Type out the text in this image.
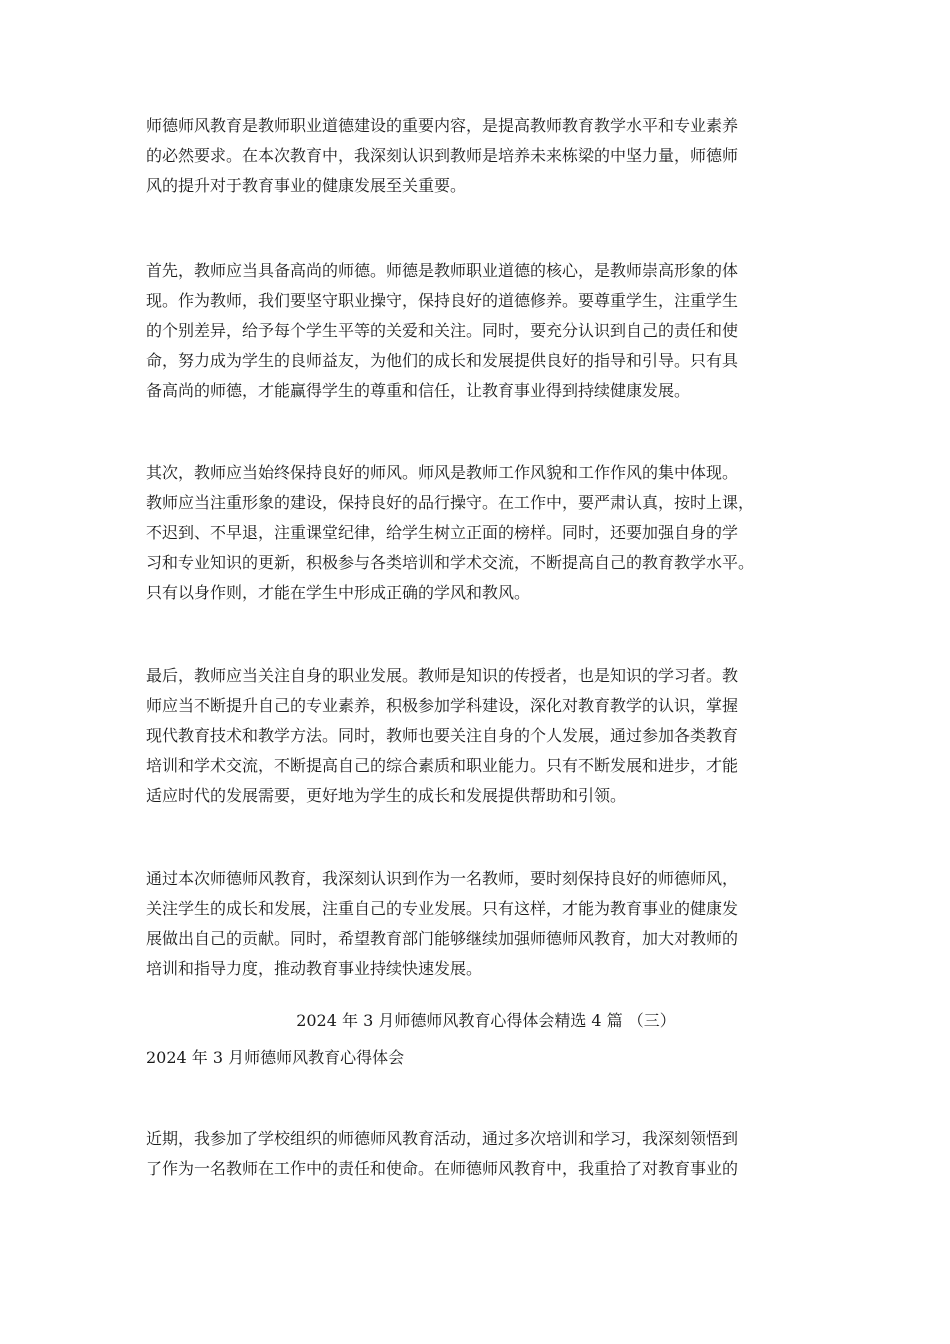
师德师风教育是教师职业道德建设的重要内容，是提高教师教育教学水平和专业素养
的必然要求。在本次教育中，我深刻认识到教师是培养未来栋梁的中坚力量，师德师
风的提升对于教育事业的健康发展至关重要。
首先，教师应当具备高尚的师德。师德是教师职业道德的核心，是教师崇高形象的体
现。作为教师，我们要坚守职业操守，保持良好的道德修养。要尊重学生，注重学生
的个别差异，给予每个学生平等的关爱和关注。同时，要充分认识到自己的责任和使
命，努力成为学生的良师益友，为他们的成长和发展提供良好的指导和引导。只有具
备高尚的师德，才能赢得学生的尊重和信任，让教育事业得到持续健康发展。
其次，教师应当始终保持良好的师风。师风是教师工作风貌和工作作风的集中体现。
教师应当注重形象的建设，保持良好的品行操守。在工作中，要严肃认真，按时上课，
不迟到、不早退，注重课堂纪律，给学生树立正面的榜样。同时，还要加强自身的学
习和专业知识的更新，积极参与各类培训和学术交流，不断提高自己的教育教学水平。
只有以身作则，才能在学生中形成正确的学风和教风。
最后，教师应当关注自身的职业发展。教师是知识的传授者，也是知识的学习者。教
师应当不断提升自己的专业素养，积极参加学科建设，深化对教育教学的认识，掌握
现代教育技术和教学方法。同时，教师也要关注自身的个人发展，通过参加各类教育
培训和学术交流，不断提高自己的综合素质和职业能力。只有不断发展和进步，才能
适应时代的发展需要，更好地为学生的成长和发展提供帮助和引领。
通过本次师德师风教育，我深刻认识到作为一名教师，要时刻保持良好的师德师风，
关注学生的成长和发展，注重自己的专业发展。只有这样，才能为教育事业的健康发
展做出自己的贡献。同时，希望教育部门能够继续加强师德师风教育，加大对教师的
培训和指导力度，推动教育事业持续快速发展。
2024 年 3 月师德师风教育心得体会精选 4 篇 （三）
2024 年 3 月师德师风教育心得体会
近期，我参加了学校组织的师德师风教育活动，通过多次培训和学习，我深刻领悟到
了作为一名教师在工作中的责任和使命。在师德师风教育中，我重拾了对教育事业的
